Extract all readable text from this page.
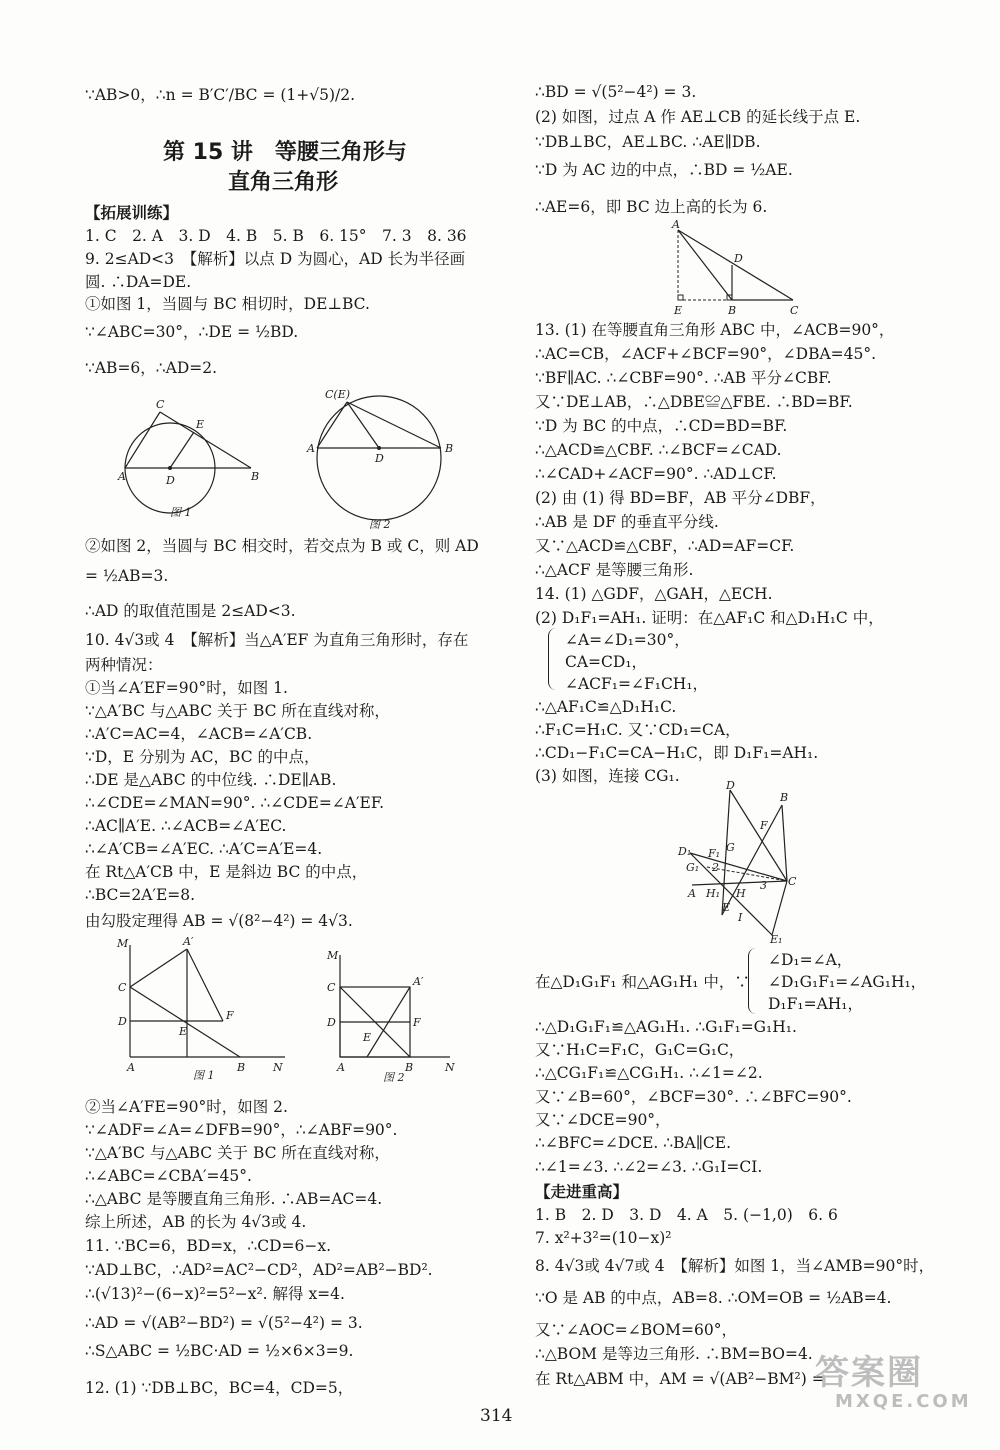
∵AB>0，∴n = B′C′/BC = (1+√5)/2.
【拓展训练】
1. C　2. A　3. D　4. B　5. B　6. 15°　7. 3　8. 36
9. 2≤AD<3　【解析】以点 D 为圆心，AD 长为半径画
圆. ∴DA=DE.
①如图 1，当圆与 BC 相切时，DE⊥BC.
∵∠ABC=30°，∴DE = ½BD.
∵AB=6，∴AD=2.
②如图 2，当圆与 BC 相交时，若交点为 B 或 C，则 AD
= ½AB=3.
∴AD 的取值范围是 2≤AD<3.
10. 4√3或 4　【解析】当△A′EF 为直角三角形时，存在
两种情况：
①当∠A′EF=90°时，如图 1.
∵△A′BC 与△ABC 关于 BC 所在直线对称，
∴A′C=AC=4，∠ACB=∠A′CB.
∵D，E 分别为 AC，BC 的中点，
∴DE 是△ABC 的中位线. ∴DE∥AB.
∴∠CDE=∠MAN=90°. ∴∠CDE=∠A′EF.
∴AC∥A′E. ∴∠ACB=∠A′EC.
∴∠A′CB=∠A′EC. ∴A′C=A′E=4.
在 Rt△A′CB 中，E 是斜边 BC 的中点，
∴BC=2A′E=8.
由勾股定理得 AB = √(8²−4²) = 4√3.
②当∠A′FE=90°时，如图 2.
∵∠ADF=∠A=∠DFB=90°，∴∠ABF=90°.
∵△A′BC 与△ABC 关于 BC 所在直线对称，
∴∠ABC=∠CBA′=45°.
∴△ABC 是等腰直角三角形. ∴AB=AC=4.
综上所述，AB 的长为 4√3或 4.
11. ∵BC=6，BD=x，∴CD=6−x.
∵AD⊥BC，∴AD²=AC²−CD²，AD²=AB²−BD².
∴(√13)²−(6−x)²=5²−x². 解得 x=4.
∴AD = √(AB²−BD²) = √(5²−4²) = 3.
∴S△ABC = ½BC·AD = ½×6×3=9.
12. (1) ∵DB⊥BC，BC=4，CD=5，
第 15 讲　等腰三角形与
直角三角形
∴BD = √(5²−4²) = 3.
(2) 如图，过点 A 作 AE⊥CB 的延长线于点 E.
∵DB⊥BC，AE⊥BC. ∴AE∥DB.
∵D 为 AC 边的中点，∴BD = ½AE.
∴AE=6，即 BC 边上高的长为 6.
13. (1) 在等腰直角三角形 ABC 中，∠ACB=90°，
∴AC=CB，∠ACF+∠BCF=90°，∠DBA=45°.
∵BF∥AC. ∴∠CBF=90°. ∴AB 平分∠CBF.
又∵DE⊥AB，∴△DBE≌△FBE. ∴BD=BF.
∵D 为 BC 的中点，∴CD=BD=BF.
∴△ACD≌△CBF. ∴∠BCF=∠CAD.
∴∠CAD+∠ACF=90°. ∴AD⊥CF.
(2) 由 (1) 得 BD=BF，AB 平分∠DBF，
∴AB 是 DF 的垂直平分线.
又∵△ACD≌△CBF，∴AD=AF=CF.
∴△ACF 是等腰三角形.
14. (1) △GDF，△GAH，△ECH.
(2) D₁F₁=AH₁. 证明：在△AF₁C 和△D₁H₁C 中，
∠A=∠D₁=30°，
CA=CD₁，
∠ACF₁=∠F₁CH₁，
∴△AF₁C≌△D₁H₁C.
∴F₁C=H₁C. 又∵CD₁=CA，
∴CD₁−F₁C=CA−H₁C，即 D₁F₁=AH₁.
(3) 如图，连接 CG₁.
在△D₁G₁F₁ 和△AG₁H₁ 中，∵
∠D₁=∠A，
∠D₁G₁F₁=∠AG₁H₁，
D₁F₁=AH₁，
∴△D₁G₁F₁≌△AG₁H₁. ∴G₁F₁=G₁H₁.
又∵H₁C=F₁C，G₁C=G₁C，
∴△CG₁F₁≌△CG₁H₁. ∴∠1=∠2.
又∵∠B=60°，∠BCF=30°. ∴∠BFC=90°.
又∵∠DCE=90°，
∴∠BFC=∠DCE. ∴BA∥CE.
∴∠1=∠3. ∴∠2=∠3. ∴G₁I=CI.
【走进重高】
1. B　2. D　3. D　4. A　5. (−1,0)　6. 6
7. x²+3²=(10−x)²
8. 4√3或 4√7或 4　【解析】如图 1，当∠AMB=90°时，
∵O 是 AB 的中点，AB=8. ∴OM=OB = ½AB=4.
又∵∠AOC=∠BOM=60°，
∴△BOM 是等边三角形. ∴BM=BO=4.
在 Rt△ABM 中，AM = √(AB²−BM²) =
C
E
A	D	B
图 1
C(E)
A
D
B
图 2
M	A′
C
D
E
F
A	B	N
图 1
M
C	A′
D
E
F
A	B	N
图 2
A
D
E	B	C
D
B
F
G
D₁ F₁
G₁ 2
A H₁ H
3 C
E
I
E₁
314
答案圈
MXQE.COM
